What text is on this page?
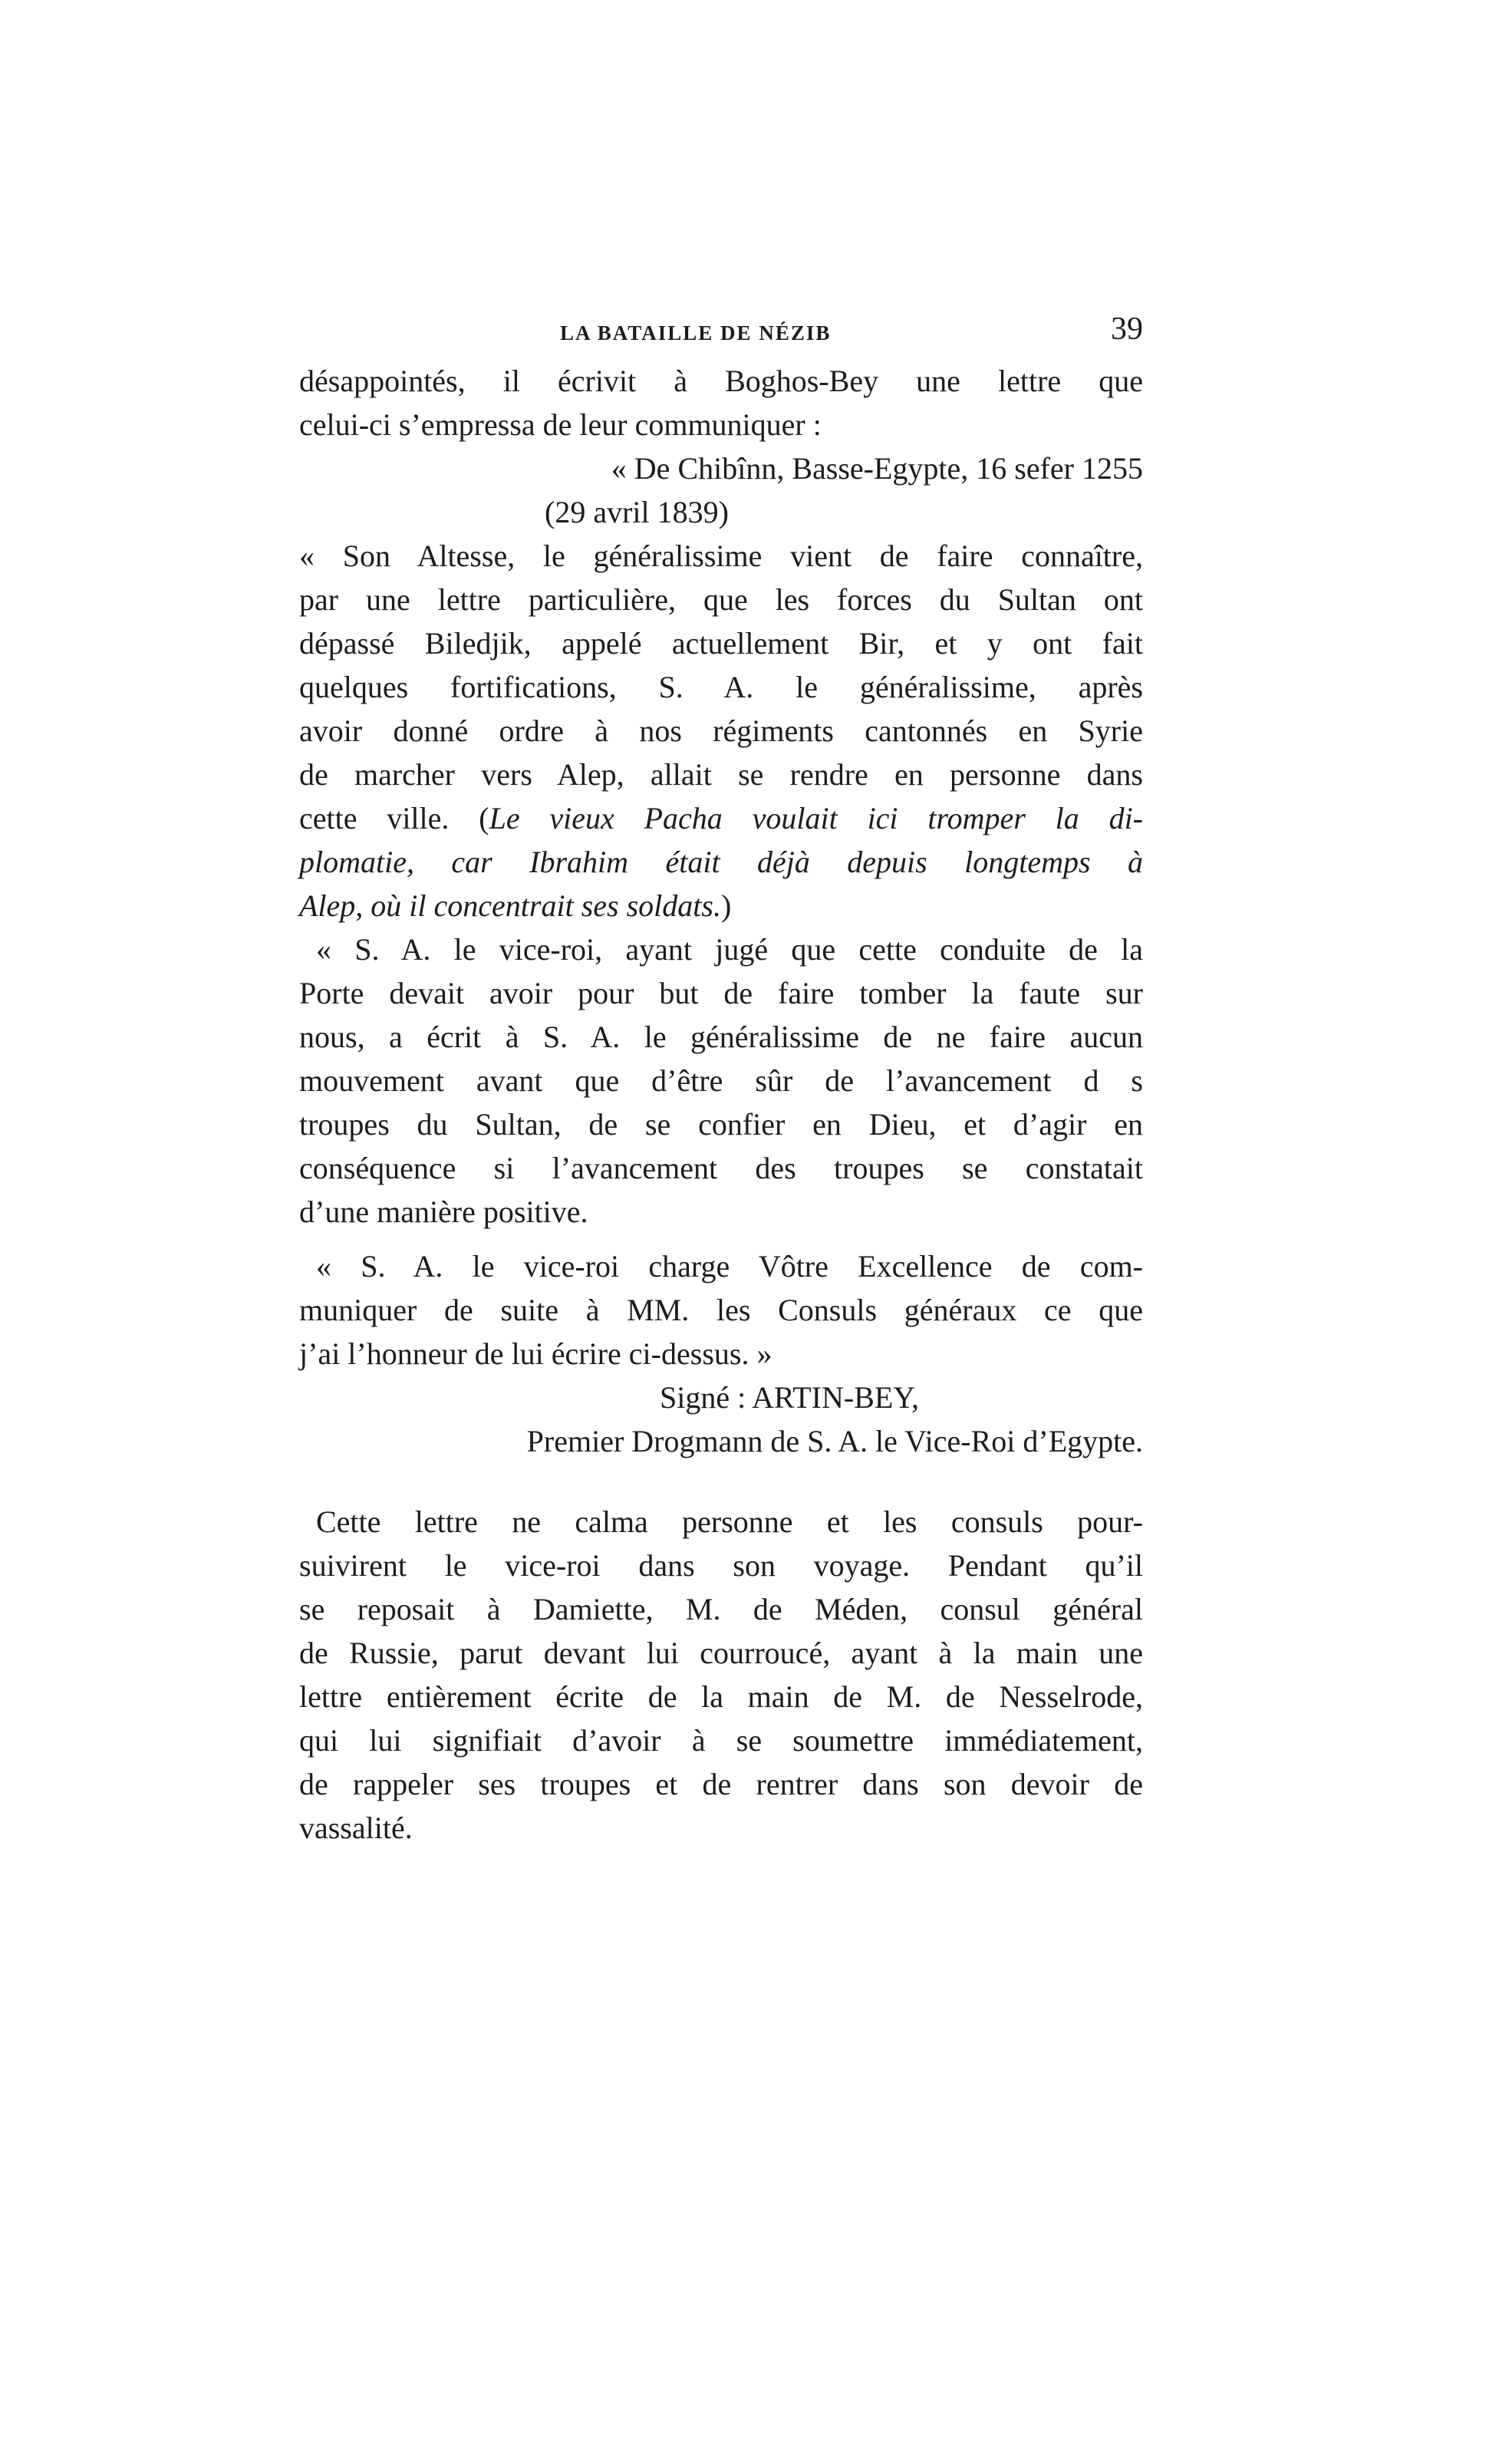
LA BATAILLE DE NÉZIB	39
désappointés, il écrivit à Boghos-Bey une lettre que
celui-ci s’empressa de leur communiquer :
« De Chibînn, Basse-Egypte, 16 sefer 1255
(29 avril 1839)
« Son Altesse, le généralissime vient de faire connaître,
par une lettre particulière, que les forces du Sultan ont
dépassé Biledjik, appelé actuellement Bir, et y ont fait
quelques fortifications, S. A. le généralissime, après
avoir donné ordre à nos régiments cantonnés en Syrie
de marcher vers Alep, allait se rendre en personne dans
cette ville. (Le vieux Pacha voulait ici tromper la di-
plomatie, car Ibrahim était déjà depuis longtemps à
Alep, où il concentrait ses soldats.)
« S. A. le vice-roi, ayant jugé que cette conduite de la
Porte devait avoir pour but de faire tomber la faute sur
nous, a écrit à S. A. le généralissime de ne faire aucun
mouvement avant que d’être sûr de l’avancement d s
troupes du Sultan, de se confier en Dieu, et d’agir en
conséquence si l’avancement des troupes se constatait
d’une manière positive.
« S. A. le vice-roi charge Vôtre Excellence de com-
muniquer de suite à MM. les Consuls généraux ce que
j’ai l’honneur de lui écrire ci-dessus. »
Signé : ARTIN-BEY,
Premier Drogmann de S. A. le Vice-Roi d’Egypte.
Cette lettre ne calma personne et les consuls pour-
suivirent le vice-roi dans son voyage. Pendant qu’il
se reposait à Damiette, M. de Méden, consul général
de Russie, parut devant lui courroucé, ayant à la main une
lettre entièrement écrite de la main de M. de Nesselrode,
qui lui signifiait d’avoir à se soumettre immédiatement,
de rappeler ses troupes et de rentrer dans son devoir de
vassalité.
